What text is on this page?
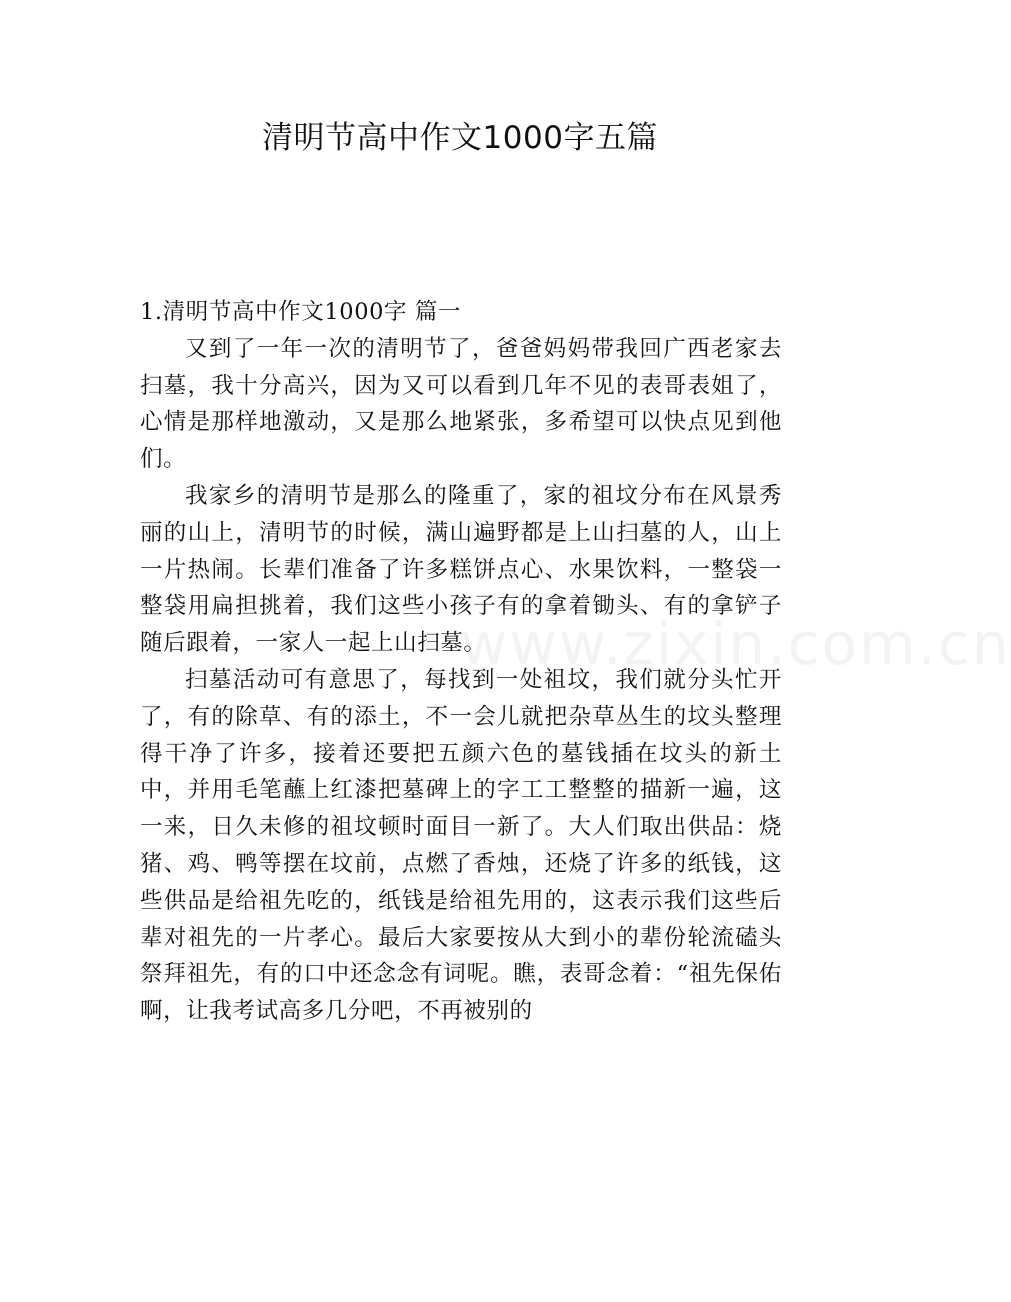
清明节高中作文1000字五篇

1.清明节高中作文1000字 篇一

又到了一年一次的清明节了，爸爸妈妈带我回广西老家去扫墓，我十分高兴，因为又可以看到几年不见的表哥表姐了，心情是那样地激动，又是那么地紧张，多希望可以快点见到他们。

我家乡的清明节是那么的隆重了，家的祖坟分布在风景秀丽的山上，清明节的时候，满山遍野都是上山扫墓的人，山上一片热闹。长辈们准备了许多糕饼点心、水果饮料，一整袋一整袋用扁担挑着，我们这些小孩子有的拿着锄头、有的拿铲子随后跟着，一家人一起上山扫墓。

扫墓活动可有意思了，每找到一处祖坟，我们就分头忙开了，有的除草、有的添土，不一会儿就把杂草丛生的坟头整理得干净了许多，接着还要把五颜六色的墓钱插在坟头的新土中，并用毛笔蘸上红漆把墓碑上的字工工整整的描新一遍，这一来，日久未修的祖坟顿时面目一新了。大人们取出供品：烧猪、鸡、鸭等摆在坟前，点燃了香烛，还烧了许多的纸钱，这些供品是给祖先吃的，纸钱是给祖先用的，这表示我们这些后辈对祖先的一片孝心。最后大家要按从大到小的辈份轮流磕头祭拜祖先，有的口中还念念有词呢。瞧，表哥念着：“祖先保佑啊，让我考试高多几分吧，不再被别的

www.zixin.com.cn
